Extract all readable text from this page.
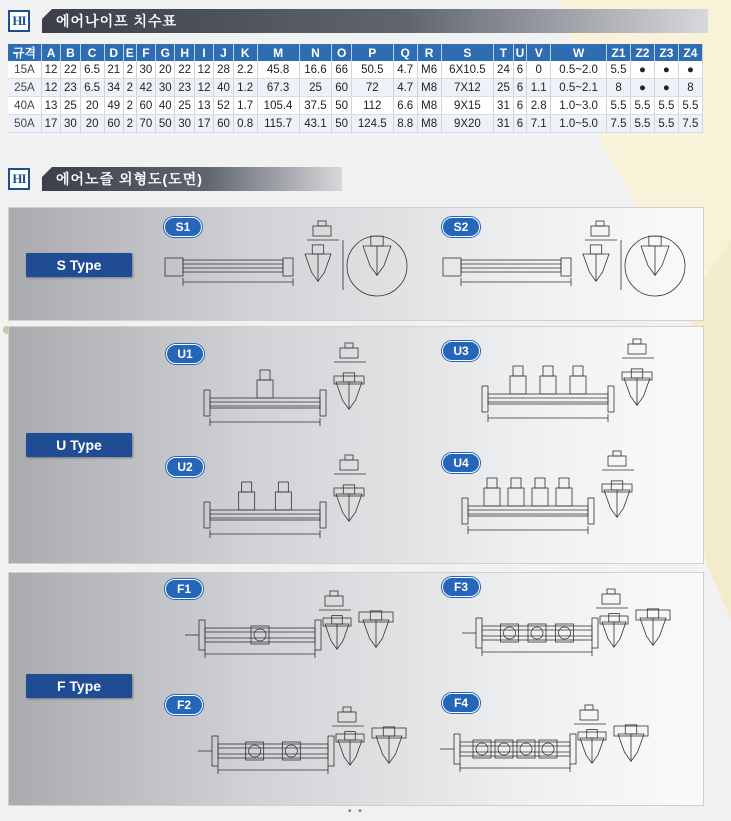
HI	에어나이프 치수표
규격	A	B	C	D	E	F	G	H	I	J	K	M	N	O	P	Q	R	S	T	U	V	W	Z1	Z2	Z3	Z4
15A	12	22	6.5	21	2	30	20	22	12	28	2.2	45.8	16.6	66	50.5	4.7	M6	6X10.5	24	6	0	0.5~2.0	5.5	●	●	●
25A	12	23	6.5	34	2	42	30	23	12	40	1.2	67.3	25	60	72	4.7	M8	7X12	25	6	1.1	0.5~2.1	8	●	●	8
40A	13	25	20	49	2	60	40	25	13	52	1.7	105.4	37.5	50	112	6.6	M8	9X15	31	6	2.8	1.0~3.0	5.5	5.5	5.5	5.5
50A	17	30	20	60	2	70	50	30	17	60	0.8	115.7	43.1	50	124.5	8.8	M8	9X20	31	6	7.1	1.0~5.0	7.5	5.5	5.5	7.5
HI	에어노즐 외형도(도면)
S Type
S1	S2
U Type
U1	U3
U2	U4
F Type
F1	F3
F2	F4
• •
